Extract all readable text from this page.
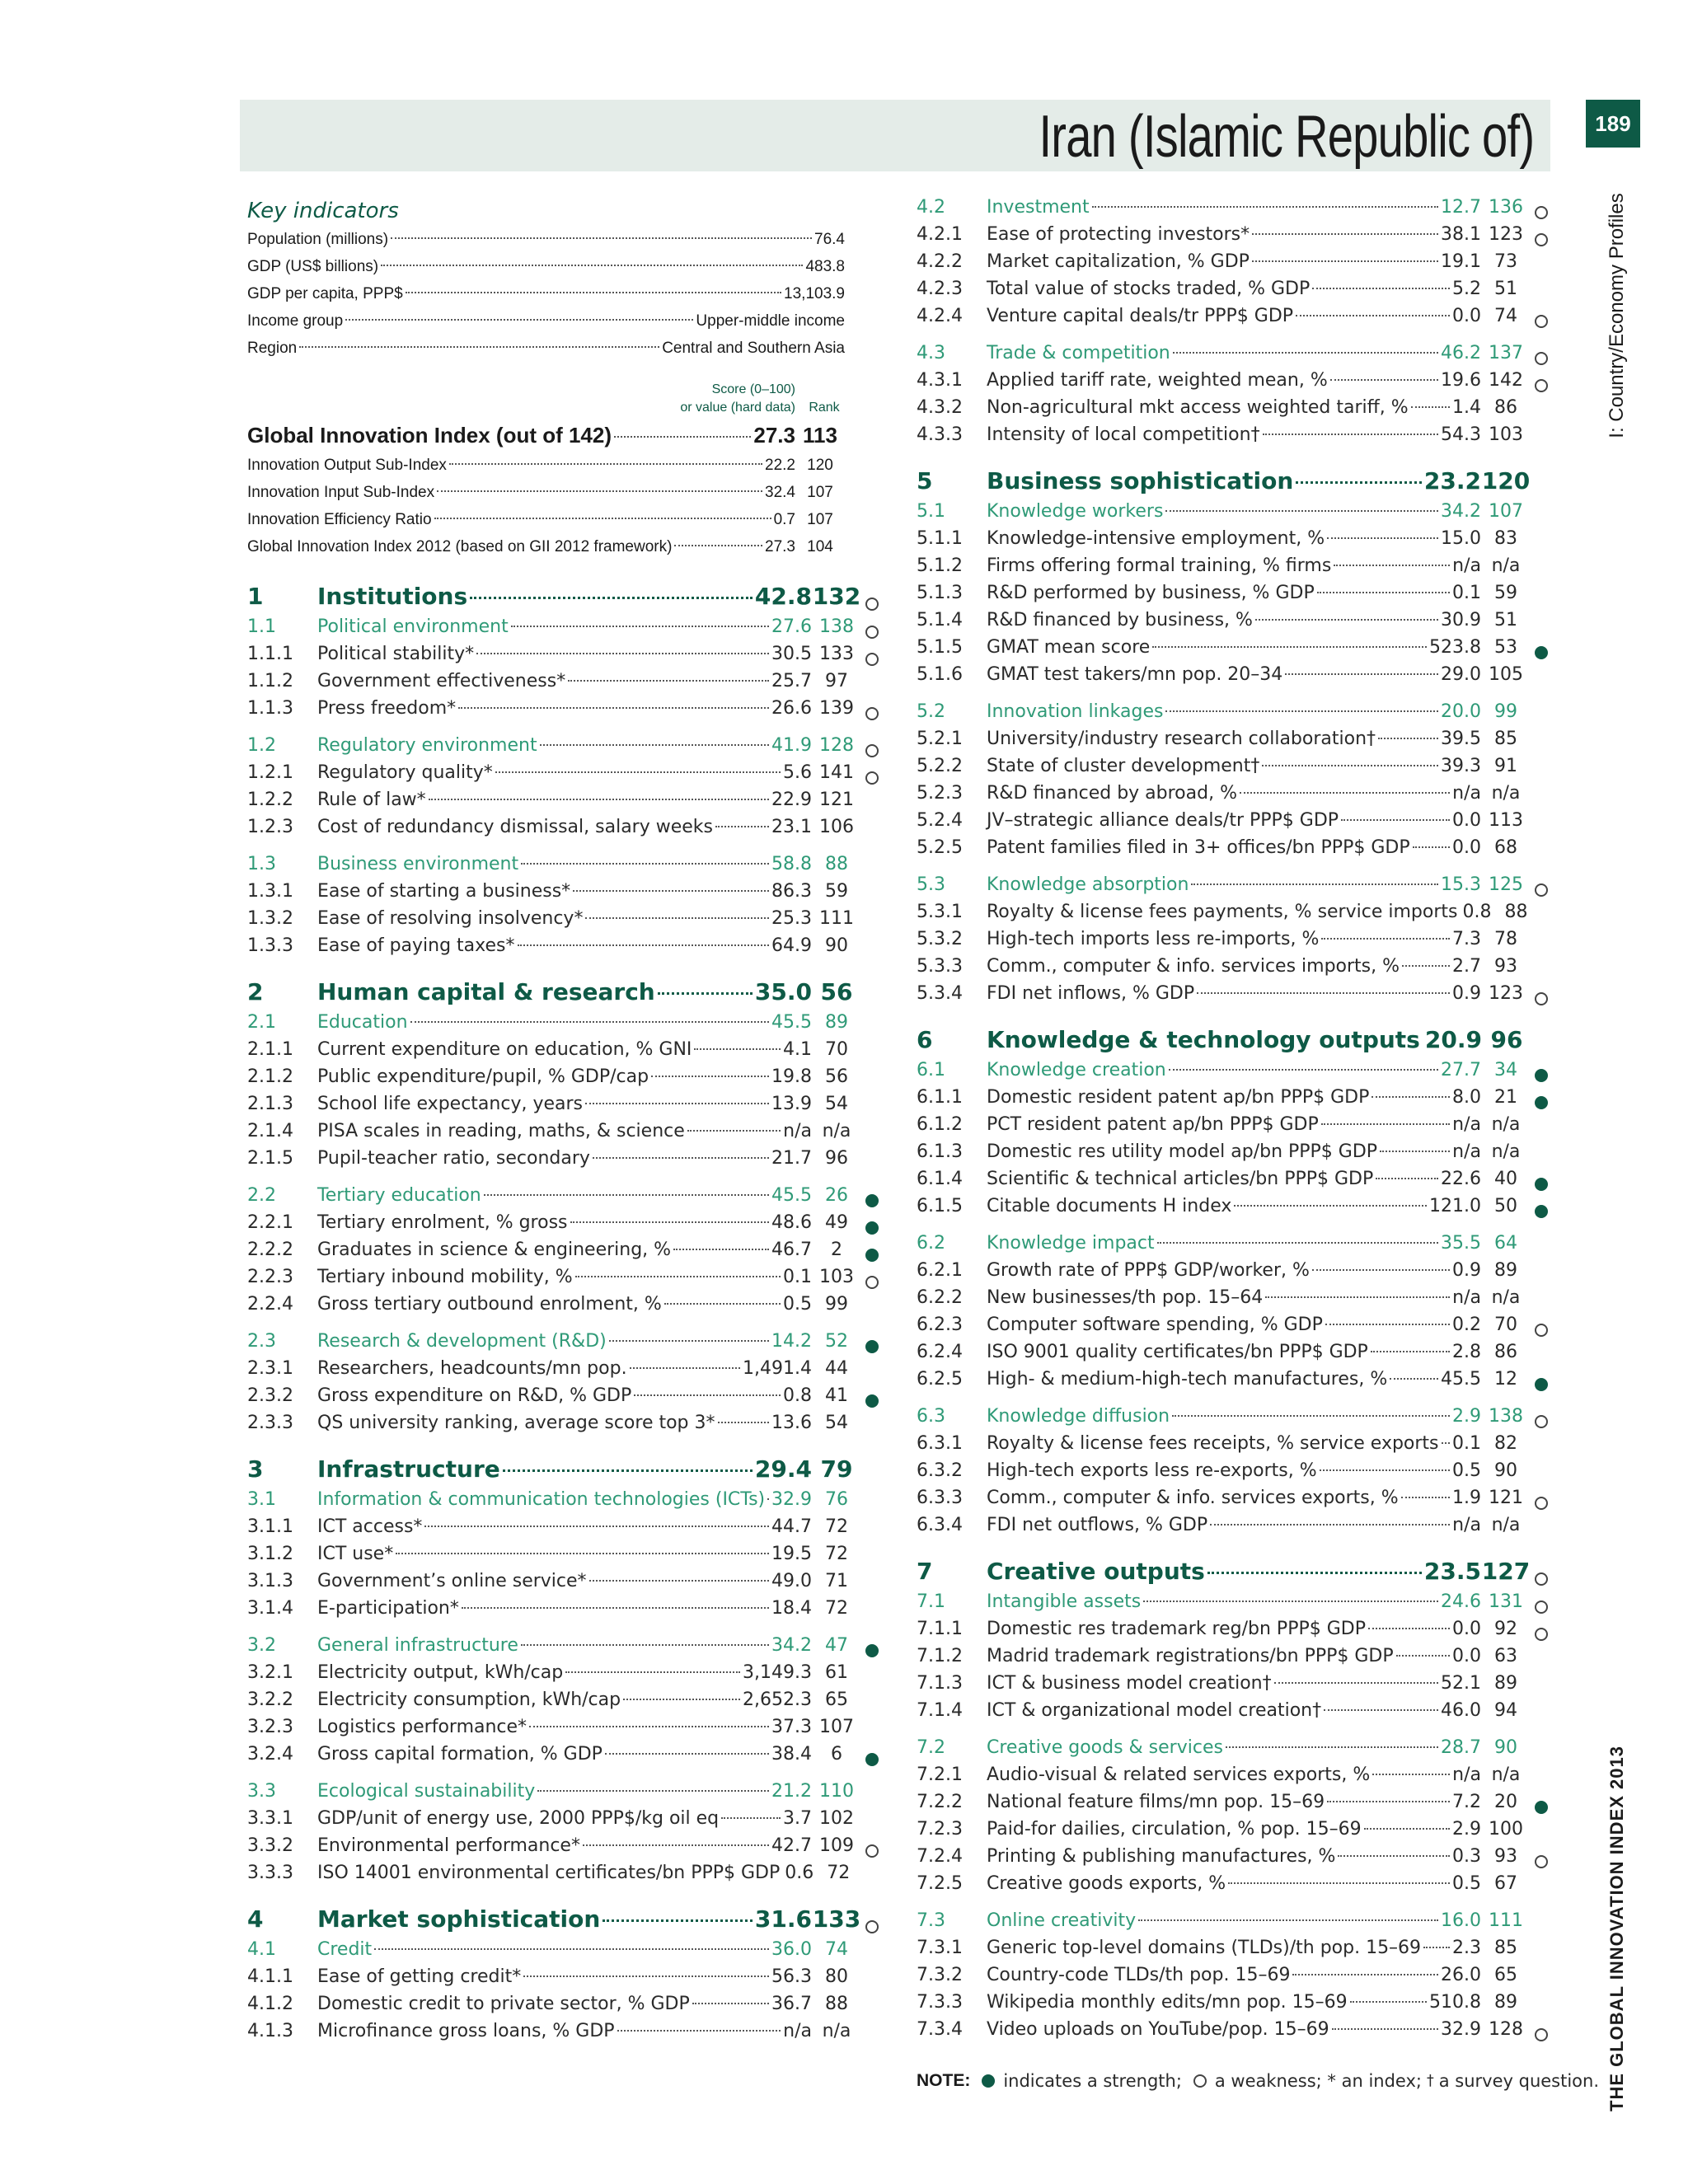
Iran (Islamic Republic of)	189
I: Country/Economy Profiles
THE GLOBAL INNOVATION INDEX 2013
Key indicators
Population (millions)	76.4
GDP (US$ billions)	483.8
GDP per capita, PPP$	13,103.9
Income group	Upper-middle income
Region	Central and Southern Asia
Score (0–100)
or value (hard data)	Rank
Global Innovation Index (out of 142)	27.3 113
Innovation Output Sub-Index	22.2 120
Innovation Input Sub-Index	32.4 107
Innovation Efficiency Ratio	0.7 107
Global Innovation Index 2012 (based on GII 2012 framework)	27.3 104
1	Institutions	42.8 132
1.1	Political environment	27.6 138
1.1.1	Political stability*	30.5 133
1.1.2	Government effectiveness*	25.7 97
1.1.3	Press freedom*	26.6 139
1.2	Regulatory environment	41.9 128
1.2.1	Regulatory quality*	5.6 141
1.2.2	Rule of law*	22.9 121
1.2.3	Cost of redundancy dismissal, salary weeks	23.1 106
1.3	Business environment	58.8 88
1.3.1	Ease of starting a business*	86.3 59
1.3.2	Ease of resolving insolvency*	25.3 111
1.3.3	Ease of paying taxes*	64.9 90
2	Human capital & research	35.0 56
2.1	Education	45.5 89
2.1.1	Current expenditure on education, % GNI	4.1 70
2.1.2	Public expenditure/pupil, % GDP/cap	19.8 56
2.1.3	School life expectancy, years	13.9 54
2.1.4	PISA scales in reading, maths, & science	n/a n/a
2.1.5	Pupil-teacher ratio, secondary	21.7 96
2.2	Tertiary education	45.5 26
2.2.1	Tertiary enrolment, % gross	48.6 49
2.2.2	Graduates in science & engineering, %	46.7	2
2.2.3	Tertiary inbound mobility, %	0.1 103
2.2.4	Gross tertiary outbound enrolment, %	0.5 99
2.3	Research & development (R&D)	14.2 52
2.3.1	Researchers, headcounts/mn pop.	1,491.4 44
2.3.2	Gross expenditure on R&D, % GDP	0.8 41
2.3.3	QS university ranking, average score top 3*	13.6 54
3	Infrastructure	29.4 79
3.1	Information & communication technologies (ICTs) 32.9 76
3.1.1	ICT access*	44.7 72
3.1.2	ICT use*	19.5 72
3.1.3	Government’s online service*	49.0 71
3.1.4	E-participation*	18.4 72
3.2	General infrastructure	34.2 47
3.2.1	Electricity output, kWh/cap	3,149.3 61
3.2.2	Electricity consumption, kWh/cap	2,652.3 65
3.2.3	Logistics performance*	37.3 107
3.2.4	Gross capital formation, % GDP	38.4	6
3.3	Ecological sustainability	21.2 110
3.3.1	GDP/unit of energy use, 2000 PPP$/kg oil eq	3.7 102
3.3.2	Environmental performance*	42.7 109
3.3.3	ISO 14001 environmental certificates/bn PPP$ GDP 0.6 72
4	Market sophistication	31.6 133
4.1	Credit	36.0 74
4.1.1	Ease of getting credit*	56.3 80
4.1.2	Domestic credit to private sector, % GDP	36.7 88
4.1.3	Microfinance gross loans, % GDP	n/a n/a
4.2	Investment	12.7 136
4.2.1	Ease of protecting investors*	38.1 123
4.2.2	Market capitalization, % GDP	19.1 73
4.2.3	Total value of stocks traded, % GDP	5.2 51
4.2.4	Venture capital deals/tr PPP$ GDP	0.0 74
4.3	Trade & competition	46.2 137
4.3.1	Applied tariff rate, weighted mean, %	19.6 142
4.3.2	Non-agricultural mkt access weighted tariff, % 1.4 86
4.3.3	Intensity of local competition†	54.3 103
5	Business sophistication	23.2 120
5.1	Knowledge workers	34.2 107
5.1.1	Knowledge-intensive employment, %	15.0 83
5.1.2	Firms offering formal training, % firms	n/a n/a
5.1.3	R&D performed by business, % GDP	0.1 59
5.1.4	R&D financed by business, %	30.9 51
5.1.5	GMAT mean score	523.8 53
5.1.6	GMAT test takers/mn pop. 20–34	29.0 105
5.2	Innovation linkages	20.0 99
5.2.1	University/industry research collaboration†	39.5 85
5.2.2	State of cluster development†	39.3 91
5.2.3	R&D financed by abroad, %	n/a n/a
5.2.4	JV–strategic alliance deals/tr PPP$ GDP	0.0 113
5.2.5	Patent families filed in 3+ offices/bn PPP$ GDP 0.0 68
5.3	Knowledge absorption	15.3 125
5.3.1	Royalty & license fees payments, % service imports 0.8 88
5.3.2	High-tech imports less re-imports, %	7.3 78
5.3.3	Comm., computer & info. services imports, %	2.7 93
5.3.4	FDI net inflows, % GDP	0.9 123
6	Knowledge & technology outputs 20.9 96
6.1	Knowledge creation	27.7 34
6.1.1	Domestic resident patent ap/bn PPP$ GDP	8.0 21
6.1.2	PCT resident patent ap/bn PPP$ GDP	n/a n/a
6.1.3	Domestic res utility model ap/bn PPP$ GDP	n/a n/a
6.1.4	Scientific & technical articles/bn PPP$ GDP	22.6 40
6.1.5	Citable documents H index	121.0 50
6.2	Knowledge impact	35.5 64
6.2.1	Growth rate of PPP$ GDP/worker, %	0.9 89
6.2.2	New businesses/th pop. 15–64	n/a n/a
6.2.3	Computer software spending, % GDP	0.2 70
6.2.4	ISO 9001 quality certificates/bn PPP$ GDP	2.8 86
6.2.5	High- & medium-high-tech manufactures, %	45.5 12
6.3	Knowledge diffusion	2.9 138
6.3.1	Royalty & license fees receipts, % service exports 0.1 82
6.3.2	High-tech exports less re-exports, %	0.5 90
6.3.3	Comm., computer & info. services exports, %	1.9 121
6.3.4	FDI net outflows, % GDP	n/a n/a
7	Creative outputs	23.5 127
7.1	Intangible assets	24.6 131
7.1.1	Domestic res trademark reg/bn PPP$ GDP	0.0 92
7.1.2	Madrid trademark registrations/bn PPP$ GDP	0.0 63
7.1.3	ICT & business model creation†	52.1 89
7.1.4	ICT & organizational model creation†	46.0 94
7.2	Creative goods & services	28.7 90
7.2.1	Audio-visual & related services exports, %	n/a n/a
7.2.2	National feature films/mn pop. 15–69	7.2 20
7.2.3	Paid-for dailies, circulation, % pop. 15–69	2.9 100
7.2.4	Printing & publishing manufactures, %	0.3 93
7.2.5	Creative goods exports, %	0.5 67
7.3	Online creativity	16.0 111
7.3.1	Generic top-level domains (TLDs)/th pop. 15–69 2.3 85
7.3.2	Country-code TLDs/th pop. 15–69	26.0 65
7.3.3	Wikipedia monthly edits/mn pop. 15–69	510.8 89
7.3.4	Video uploads on YouTube/pop. 15–69	32.9 128
NOTE: indicates a strength; a weakness; * an index; † a survey question.
